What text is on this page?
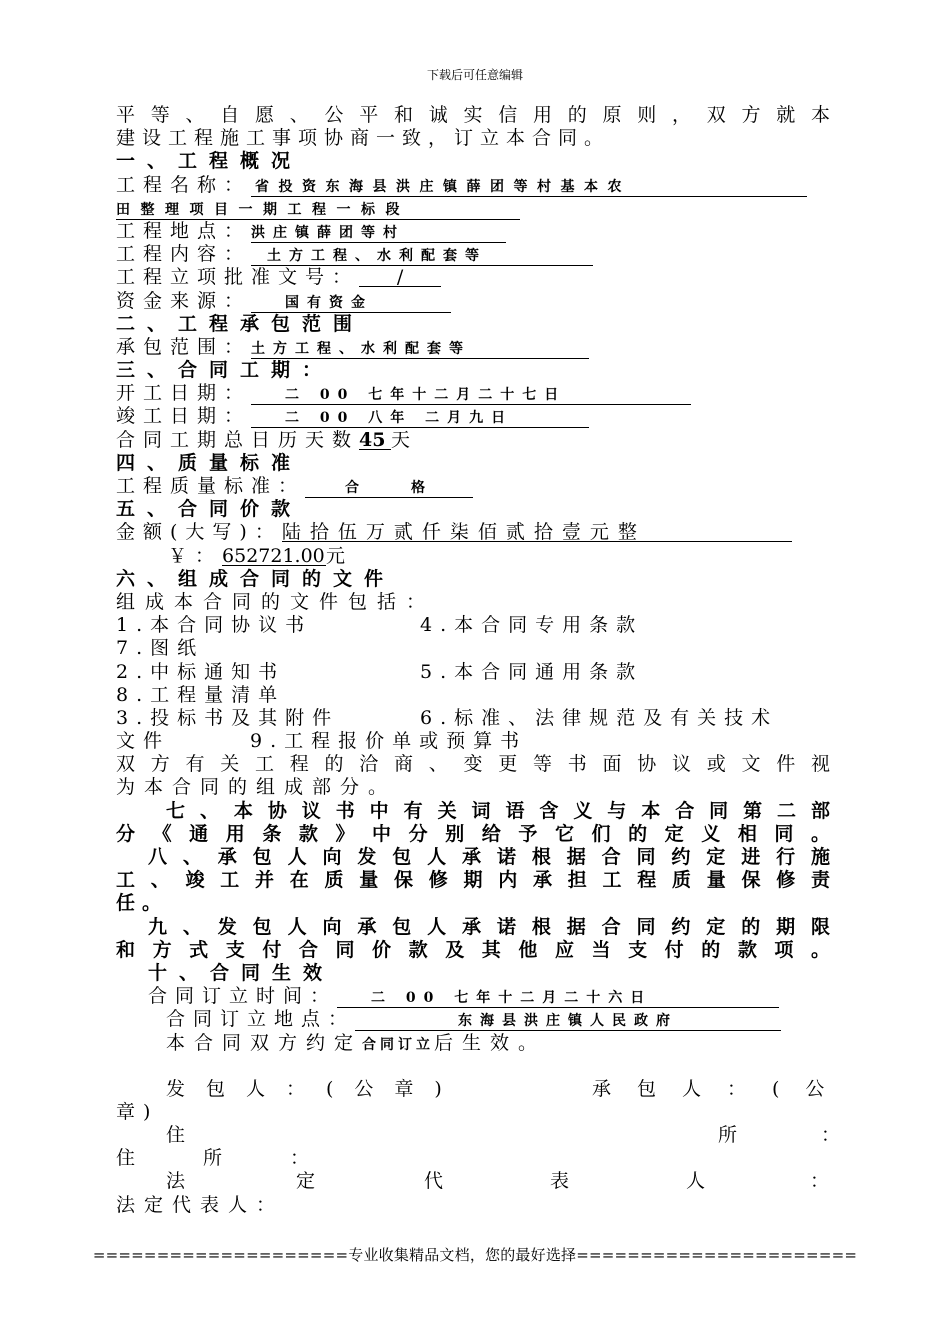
下载后可任意编辑
平等、自愿、公平和诚实信用的原则，双方就本
建设工程施工事项协商一致，订立本合同。
一、工程概况
工程名称： 省投资东海县洪庄镇薛团等村基本农
田整理项目一期工程一标段
工程地点：洪庄镇薛团等村
工程内容： 土方工程、水利配套等
工程立项批准文号： /
资金来源： 国有资金
二、工程承包范围
承包范围：土方工程、水利配套等
三、合同工期：
开工日期： 二 00 七年十二月二十七日
竣工日期： 二 00 八年 二月九日
合同工期总日历天数45 天
四、质量标准
工程质量标准：	合　　格
五、合同价款
金额(大写)：陆拾伍万贰仟柒佰贰拾壹元整
￥：652721.00元
六、组成合同的文件
组成本合同的文件包括：
1.本合同协议书	4.本合同专用条款
7.图纸
2.中标通知书	5.本合同通用条款
8.工程量清单
3.投标书及其附件	6.标准、法律规范及有关技术
文件	9.工程报价单或预算书
双方有关工程的洽商、变更等书面协议或文件视
为本合同的组成部分。
七、本协议书中有关词语含义与本合同第二部
分《通用条款》中分别给予它们的定义相同。
八、承包人向发包人承诺根据合同约定进行施
工、竣工并在质量保修期内承担工程质量保修责
任。
九、发包人向承包人承诺根据合同约定的期限
和方式支付合同价款及其他应当支付的款项。
十、合同生效
合同订立时间： 二 00 七年十二月二十六日
合同订立地点：	东海县洪庄镇人民政府
本合同双方约定合同订立后生效。
发包人：(公章)	承包人：(公
章)
住	所：
住所：
法	定	代	表	人	：
法定代表人：
====================专业收集精品文档，您的最好选择======================
